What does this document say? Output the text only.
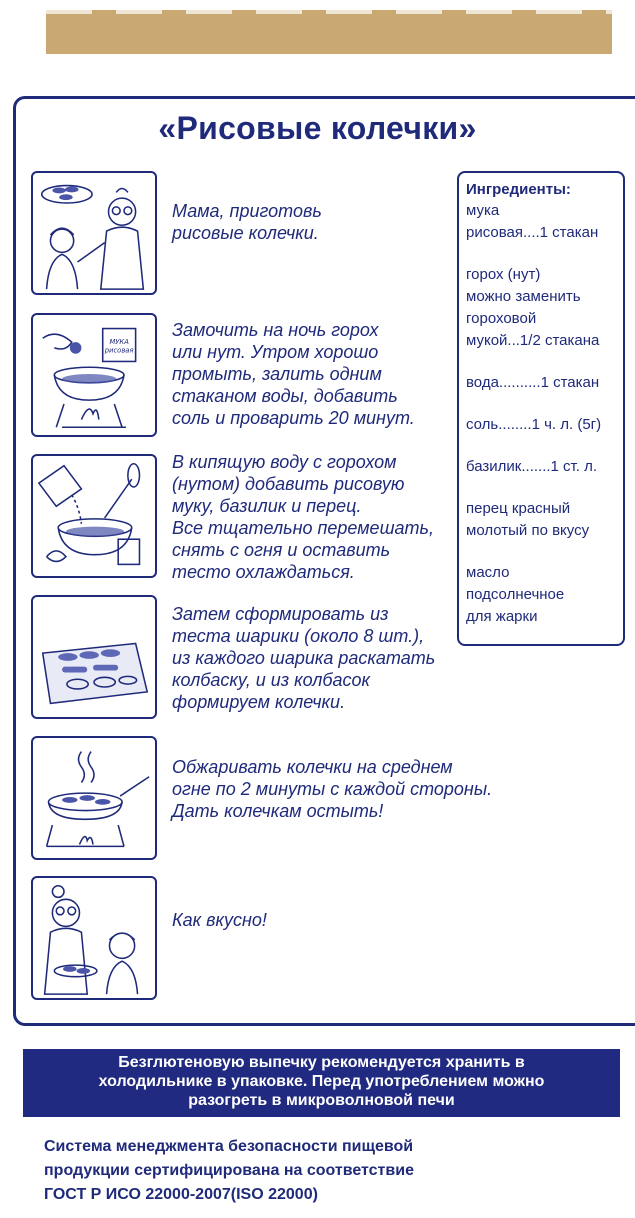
«Рисовые колечки»
Мама, приготовь
рисовые колечки.
МУКА рисовая
Замочить на ночь горох
или нут. Утром хорошо
промыть, залить одним
стаканом воды, добавить
соль и проварить 20 минут.
В кипящую воду с горохом
(нутом) добавить рисовую
муку, базилик и перец.
Все тщательно перемешать,
снять с огня и оставить
тесто охлаждаться.
Затем сформировать из
теста шарики (около 8 шт.),
из каждого шарика раскатать
колбаску, и из колбасок
формируем колечки.
Обжаривать колечки на среднем
огне по 2 минуты с каждой стороны.
Дать колечкам остыть!
Как вкусно!
Ингредиенты:
мука
рисовая....1 стакан
горох (нут)
можно заменить
гороховой
мукой...1/2 стакана
вода..........1 стакан
соль........1 ч. л. (5г)
базилик.......1 ст. л.
перец красный
молотый по вкусу
масло
подсолнечное
для жарки
Безглютеновую выпечку рекомендуется хранить в
холодильнике в упаковке. Перед употреблением можно
разогреть в микроволновой печи
Система менеджмента безопасности пищевой
продукции сертифицирована на соответствие
ГОСТ Р ИСО 22000-2007(ISO 22000)
